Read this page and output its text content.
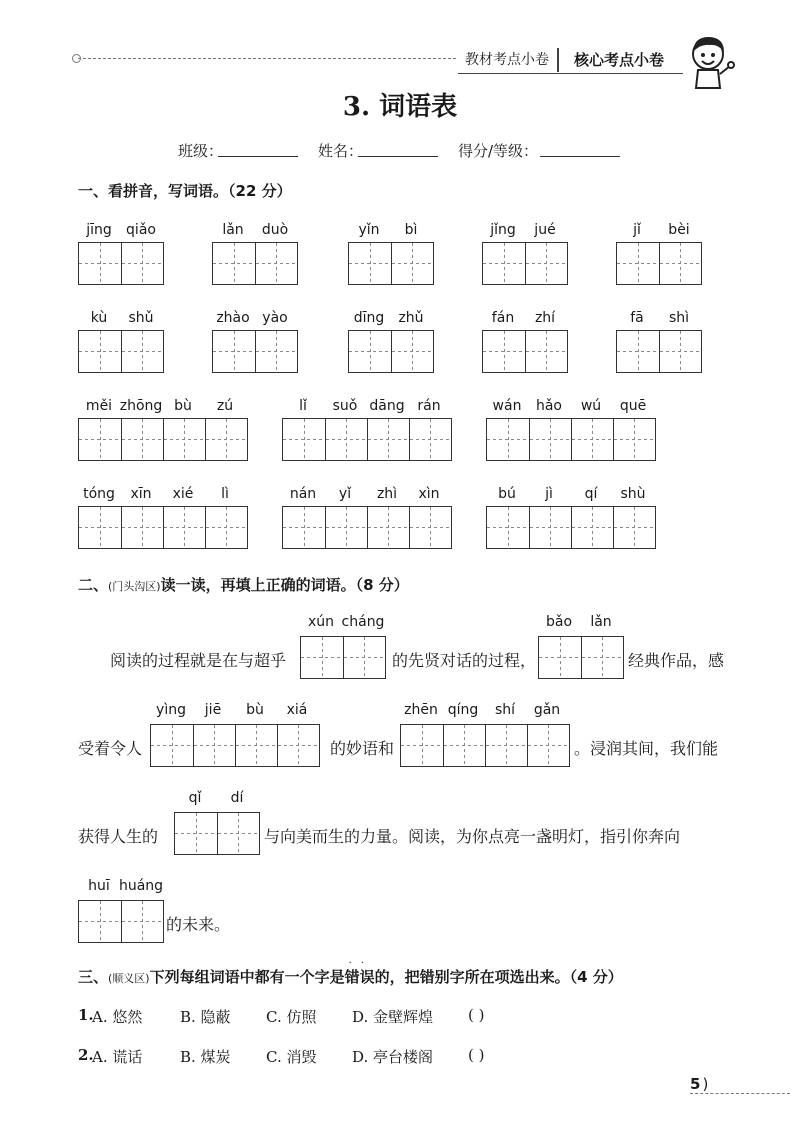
教材考点小卷	核心考点小卷
3. 词语表
班级：	姓名：	得分/等级：
一、看拼音，写词语。（22 分）
jīng qiǎo	lǎn duò	yǐn bì	jǐng jué	jǐ bèi
kù shǔ	zhào yào	dīng zhǔ	fán zhí	fā shì
měi zhōng bù zú	lǐ suǒ dāng rán	wán hǎo wú quē
tóng xīn xié lì	nán yǐ zhì xìn	bú jì qí shù
二、(门头沟区)读一读，再填上正确的词语。（8 分）
xún cháng	bǎo lǎn
yìng jiē bù xiá	zhēn qíng shí gǎn
qǐ dí
huī huáng
阅读的过程就是在与超乎	的先贤对话的过程，	经典作品，感
受着令人	的妙语和	。浸润其间，我们能
获得人生的	与向美而生的力量。阅读，为你点亮一盏明灯，指引你奔向
的未来。
三、(顺义区)下列每组词语中都有一个字是错误
··
的，把错别字所在项选出来。（4 分）
1.
A. 悠然	B. 隐蔽 C. 仿照 D. 金壁辉煌 ( )
2.
A. 谎话	B. 煤炭 C. 消毁 D. 亭台楼阁 ( )
5 )
